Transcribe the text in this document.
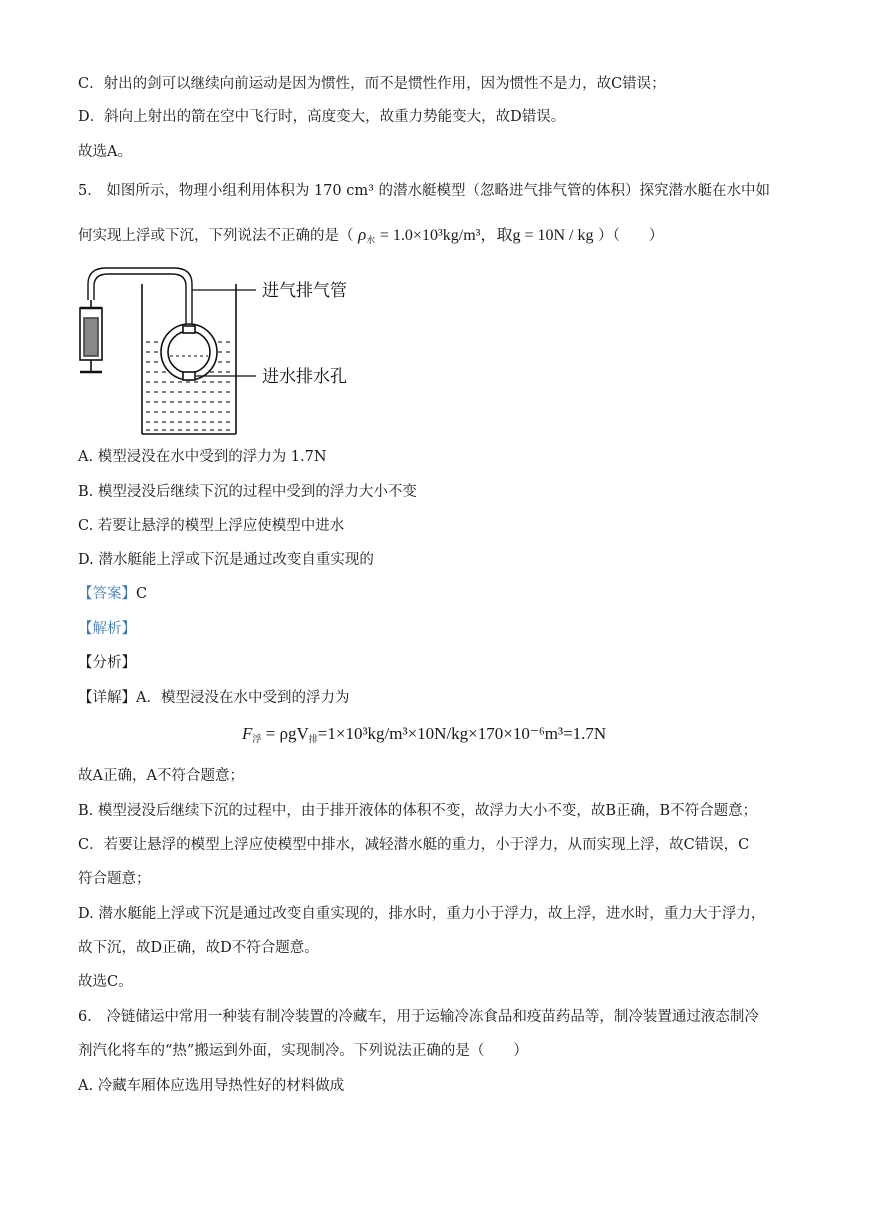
C．射出的剑可以继续向前运动是因为惯性，而不是惯性作用，因为惯性不是力，故C错误；
D．斜向上射出的箭在空中飞行时，高度变大，故重力势能变大，故D错误。
故选A。
5． 如图所示，物理小组利用体积为 170 cm³ 的潜水艇模型（忽略进气排气管的体积）探究潜水艇在水中如
何实现上浮或下沉，下列说法不正确的是（ $\rho_水 = 1.0\times 10^3kg/m^3$，取g = 10N / kg ）（　　）
进气排气管
进水排水孔
A. 模型浸没在水中受到的浮力为 1.7N
B. 模型浸没后继续下沉的过程中受到的浮力大小不变
C. 若要让悬浮的模型上浮应使模型中进水
D. 潜水艇能上浮或下沉是通过改变自重实现的
【答案】C
【解析】
【分析】
【详解】A．模型浸没在水中受到的浮力为
$F_浮 = \rho gV_排=1\times 10^3kg/m^3\times 10N/kg\times 170\times 10^{-6}m^3=1.7N$
故A正确，A不符合题意；
B. 模型浸没后继续下沉的过程中，由于排开液体的体积不变，故浮力大小不变，故B正确，B不符合题意；
C．若要让悬浮的模型上浮应使模型中排水，减轻潜水艇的重力，小于浮力，从而实现上浮，故C错误，C
符合题意；
D. 潜水艇能上浮或下沉是通过改变自重实现的，排水时，重力小于浮力，故上浮，进水时，重力大于浮力，
故下沉，故D正确，故D不符合题意。
故选C。
6． 冷链储运中常用一种装有制冷装置的冷藏车，用于运输冷冻食品和疫苗药品等，制冷装置通过液态制冷
剂汽化将车的“热”搬运到外面，实现制冷。下列说法正确的是（　　）
A. 冷藏车厢体应选用导热性好的材料做成
